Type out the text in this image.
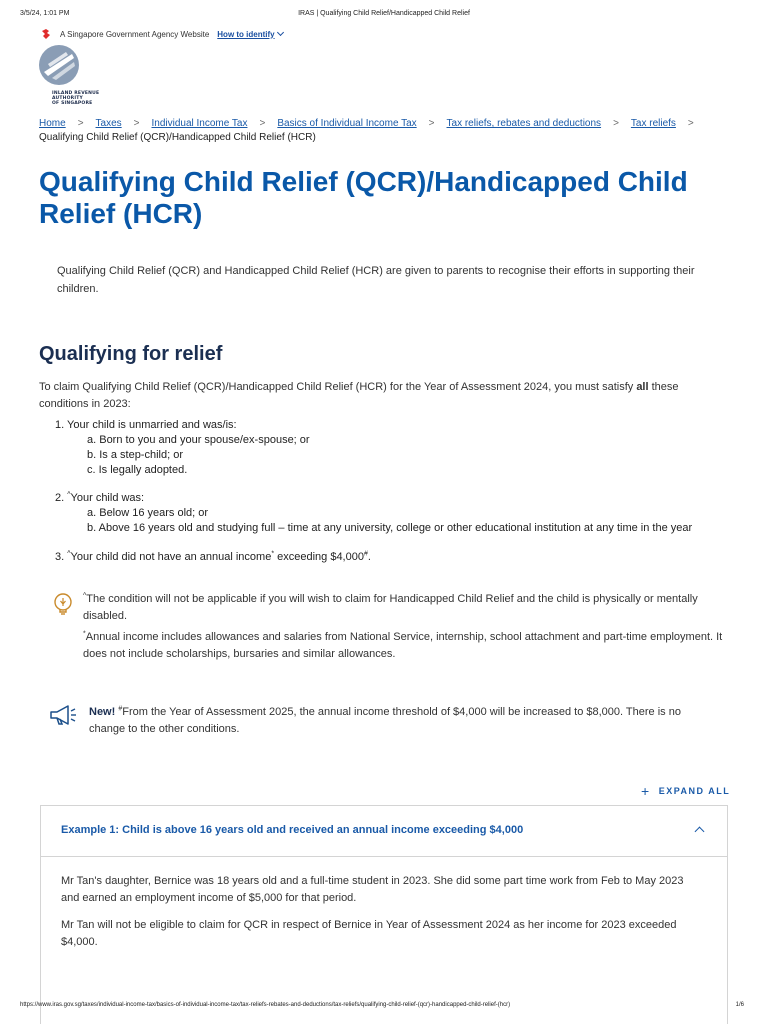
3/5/24, 1:01 PM	IRAS | Qualifying Child Relief/Handicapped Child Relief
A Singapore Government Agency Website How to identify
INLAND REVENUE
AUTHORITY
OF SINGAPORE
Home > Taxes > Individual Income Tax > Basics of Individual Income Tax > Tax reliefs, rebates and deductions > Tax reliefs >
Qualifying Child Relief (QCR)/Handicapped Child Relief (HCR)
Qualifying Child Relief (QCR)/Handicapped Child Relief (HCR)

Qualifying Child Relief (QCR) and Handicapped Child Relief (HCR) are given to parents to recognise their efforts in supporting their children.

Qualifying for relief

To claim Qualifying Child Relief (QCR)/Handicapped Child Relief (HCR) for the Year of Assessment 2024, you must satisfy all these conditions in 2023:

1. Your child is unmarried and was/is:
a. Born to you and your spouse/ex-spouse; or
b. Is a step-child; or
c. Is legally adopted.
2. ^Your child was:
a. Below 16 years old; or
b. Above 16 years old and studying full – time at any university, college or other educational institution at any time in the year
3. ^Your child did not have an annual income* exceeding $4,000#.

^The condition will not be applicable if you will wish to claim for Handicapped Child Relief and the child is physically or mentally disabled.

*Annual income includes allowances and salaries from National Service, internship, school attachment and part-time employment. It does not include scholarships, bursaries and similar allowances.

New! #From the Year of Assessment 2025, the annual income threshold of $4,000 will be increased to $8,000. There is no change to the other conditions.

+ EXPAND ALL
Example 1: Child is above 16 years old and received an annual income exceeding $4,000

Mr Tan's daughter, Bernice was 18 years old and a full-time student in 2023. She did some part time work from Feb to May 2023 and earned an employment income of $5,000 for that period.

Mr Tan will not be eligible to claim for QCR in respect of Bernice in Year of Assessment 2024 as her income for 2023 exceeded $4,000.

https://www.iras.gov.sg/taxes/individual-income-tax/basics-of-individual-income-tax/tax-reliefs-rebates-and-deductions/tax-reliefs/qualifying-child-relief-(qcr)-handicapped-child-relief-(hcr)	1/6
